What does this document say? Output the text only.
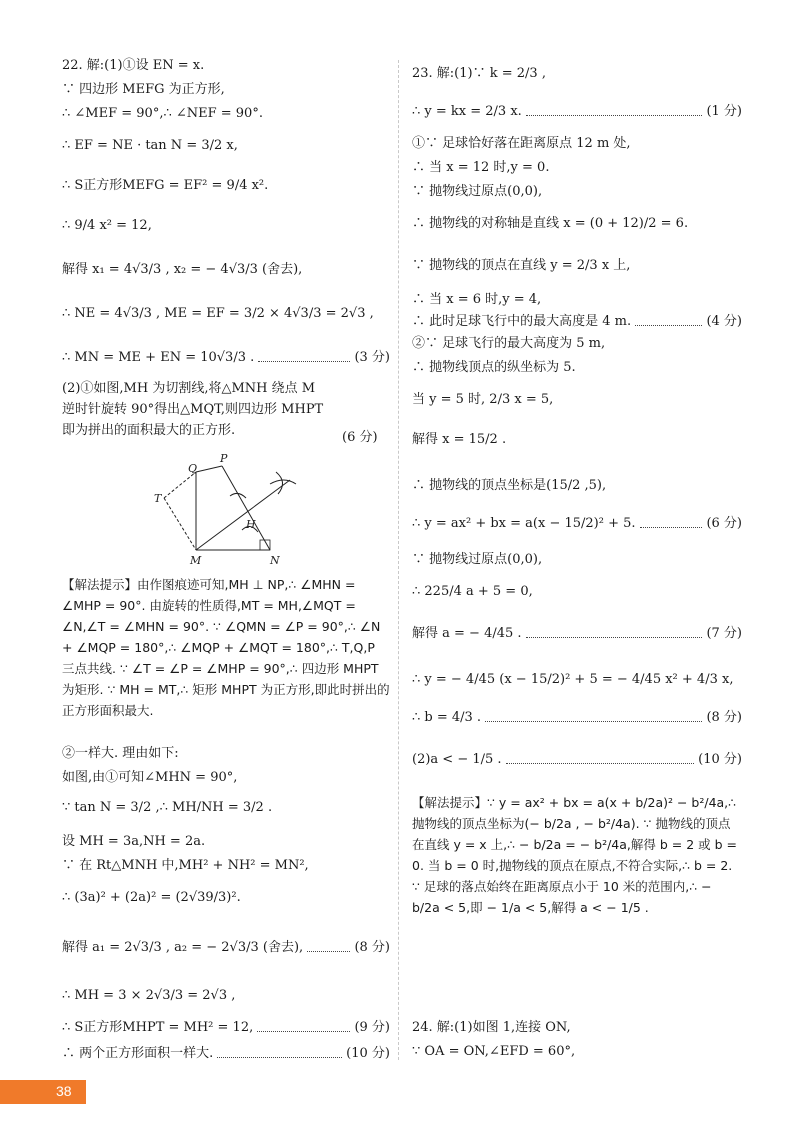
22. 解:(1)①设 EN = x.
∵ 四边形 MEFG 为正方形,
∴ ∠MEF = 90°,∴ ∠NEF = 90°.
∴ EF = NE · tan N = 3/2 x,
∴ S正方形MEFG = EF² = 9/4 x².
∴ 9/4 x² = 12,
解得 x₁ = 4√3/3 , x₂ = − 4√3/3 (舍去),
∴ NE = 4√3/3 , ME = EF = 3/2 × 4√3/3 = 2√3 ,
∴ MN = ME + EN = 10√3/3 .	(3 分)
(2)①如图,MH 为切割线,将△MNH 绕点 M 逆时针旋转 90°得出△MQT,则四边形 MHPT 即为拼出的面积最大的正方形.	(6 分)
【解法提示】由作图痕迹可知,MH ⊥ NP,∴ ∠MHN = ∠MHP = 90°. 由旋转的性质得,MT = MH,∠MQT = ∠N,∠T = ∠MHN = 90°. ∵ ∠QMN = ∠P = 90°,∴ ∠N + ∠MQP = 180°,∴ ∠MQP + ∠MQT = 180°,∴ T,Q,P 三点共线. ∵ ∠T = ∠P = ∠MHP = 90°,∴ 四边形 MHPT 为矩形. ∵ MH = MT,∴ 矩形 MHPT 为正方形,即此时拼出的正方形面积最大.
②一样大. 理由如下:
如图,由①可知∠MHN = 90°,
∵ tan N = 3/2 ,∴ MH/NH = 3/2 .
设 MH = 3a,NH = 2a.
∵ 在 Rt△MNH 中,MH² + NH² = MN²,
∴ (3a)² + (2a)² = (2√39/3)².
解得 a₁ = 2√3/3 , a₂ = − 2√3/3 (舍去),	(8 分)
∴ MH = 3 × 2√3/3 = 2√3 ,
∴ S正方形MHPT = MH² = 12,	(9 分)
∴ 两个正方形面积一样大.	(10 分)
Q
P
T
H
M	N
23. 解:(1)∵ k = 2/3 ,
∴ y = kx = 2/3 x.	(1 分)
①∵ 足球恰好落在距离原点 12 m 处,
∴ 当 x = 12 时,y = 0.
∵ 抛物线过原点(0,0),
∴ 抛物线的对称轴是直线 x = (0 + 12)/2 = 6.
∵ 抛物线的顶点在直线 y = 2/3 x 上,
∴ 当 x = 6 时,y = 4,
∴ 此时足球飞行中的最大高度是 4 m.	(4 分)
②∵ 足球飞行的最大高度为 5 m,
∴ 抛物线顶点的纵坐标为 5.
当 y = 5 时, 2/3 x = 5,
解得 x = 15/2 .
∴ 抛物线的顶点坐标是(15/2 ,5),
∴ y = ax² + bx = a(x − 15/2)² + 5.	(6 分)
∵ 抛物线过原点(0,0),
∴ 225/4 a + 5 = 0,
解得 a = − 4/45 .	(7 分)
∴ y = − 4/45 (x − 15/2)² + 5 = − 4/45 x² + 4/3 x,
∴ b = 4/3 .	(8 分)
(2)a < − 1/5 .	(10 分)
【解法提示】∵ y = ax² + bx = a(x + b/2a)² − b²/4a,∴ 抛物线的顶点坐标为(− b/2a , − b²/4a). ∵ 抛物线的顶点在直线 y = x 上,∴ − b/2a = − b²/4a,解得 b = 2 或 b = 0. 当 b = 0 时,抛物线的顶点在原点,不符合实际,∴ b = 2. ∵ 足球的落点始终在距离原点小于 10 米的范围内,∴ − b/2a < 5,即 − 1/a < 5,解得 a < − 1/5 .
24. 解:(1)如图 1,连接 ON,
∵ OA = ON,∠EFD = 60°,
38
